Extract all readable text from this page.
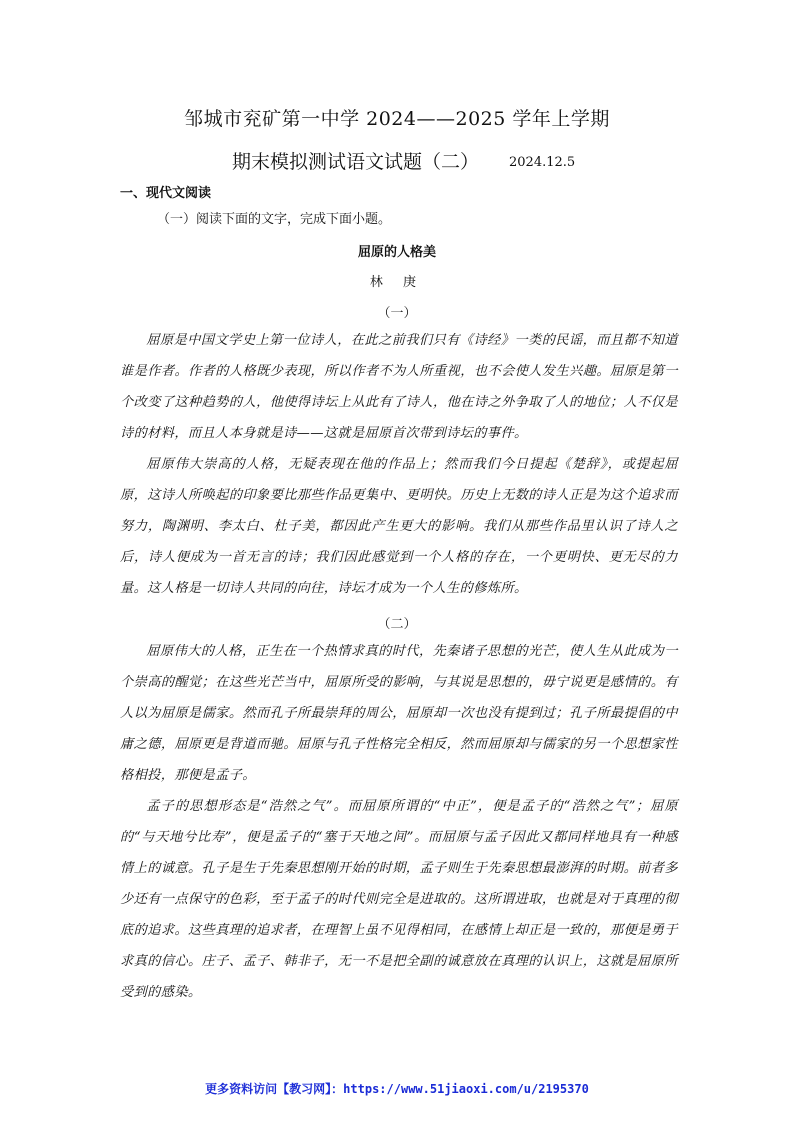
邹城市兖矿第一中学 2024——2025 学年上学期
期末模拟测试语文试题（二） 2024.12.5
一、现代文阅读
（一）阅读下面的文字，完成下面小题。
屈原的人格美
林 庚
（一）
屈原是中国文学史上第一位诗人，在此之前我们只有《诗经》一类的民谣，而且都不知道谁是作者。作者的人格既少表现，所以作者不为人所重视，也不会使人发生兴趣。屈原是第一个改变了这种趋势的人，他使得诗坛上从此有了诗人，他在诗之外争取了人的地位；人不仅是诗的材料，而且人本身就是诗——这就是屈原首次带到诗坛的事件。
屈原伟大崇高的人格，无疑表现在他的作品上；然而我们今日提起《楚辞》，或提起屈原，这诗人所唤起的印象要比那些作品更集中、更明快。历史上无数的诗人正是为这个追求而努力，陶渊明、李太白、杜子美，都因此产生更大的影响。我们从那些作品里认识了诗人之后，诗人便成为一首无言的诗；我们因此感觉到一个人格的存在，一个更明快、更无尽的力量。这人格是一切诗人共同的向往，诗坛才成为一个人生的修炼所。
（二）
屈原伟大的人格，正生在一个热情求真的时代，先秦诸子思想的光芒，使人生从此成为一个崇高的醒觉；在这些光芒当中，屈原所受的影响，与其说是思想的，毋宁说更是感情的。有人以为屈原是儒家。然而孔子所最崇拜的周公，屈原却一次也没有提到过；孔子所最提倡的中庸之德，屈原更是背道而驰。屈原与孔子性格完全相反，然而屈原却与儒家的另一个思想家性格相投，那便是孟子。
孟子的思想形态是“浩然之气”。而屈原所谓的“中正”，便是孟子的“浩然之气”；屈原的“与天地兮比寿”，便是孟子的“塞于天地之间”。而屈原与孟子因此又都同样地具有一种感情上的诚意。孔子是生于先秦思想刚开始的时期，孟子则生于先秦思想最澎湃的时期。前者多少还有一点保守的色彩，至于孟子的时代则完全是进取的。这所谓进取，也就是对于真理的彻底的追求。这些真理的追求者，在理智上虽不见得相同，在感情上却正是一致的，那便是勇于求真的信心。庄子、孟子、韩非子，无一不是把全副的诚意放在真理的认识上，这就是屈原所受到的感染。
更多资料访问【教习网】：https://www.51jiaoxi.com/u/2195370
